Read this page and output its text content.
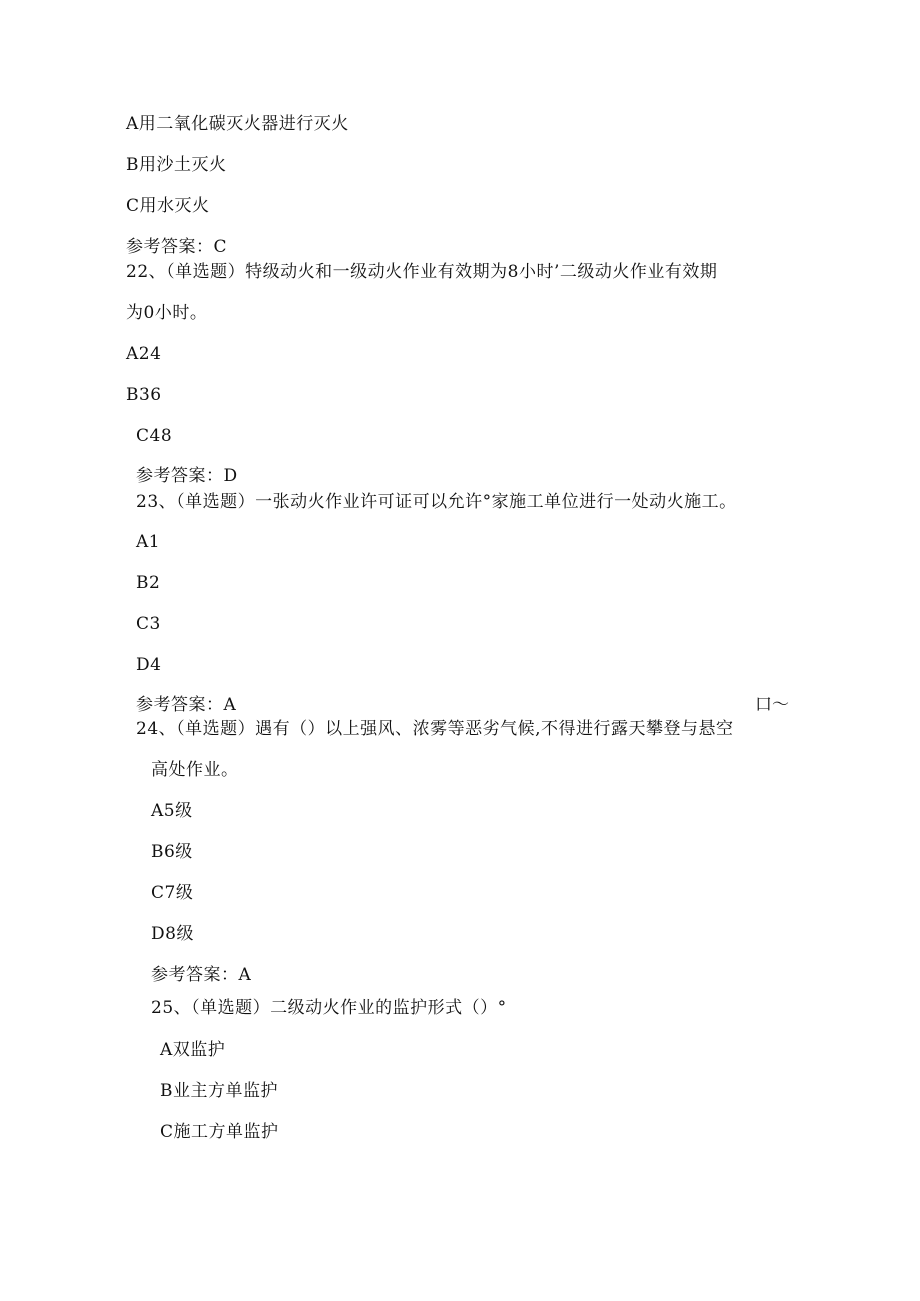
A用二氧化碳灭火器进行灭火
B用沙土灭火
C用水灭火
参考答案：C
22、（单选题）特级动火和一级动火作业有效期为8小时’二级动火作业有效期
为0小时。
A24
B36
C48
参考答案：D
23、（单选题）一张动火作业许可证可以允许°家施工单位进行一处动火施工。
A1
B2
C3
D4
参考答案：A	口〜
24、（单选题）遇有（）以上强风、浓雾等恶劣气候,不得进行露天攀登与悬空
高处作业。
A5级
B6级
C7级
D8级
参考答案：A
25、（单选题）二级动火作业的监护形式（）°
A双监护
B业主方单监护
C施工方单监护
